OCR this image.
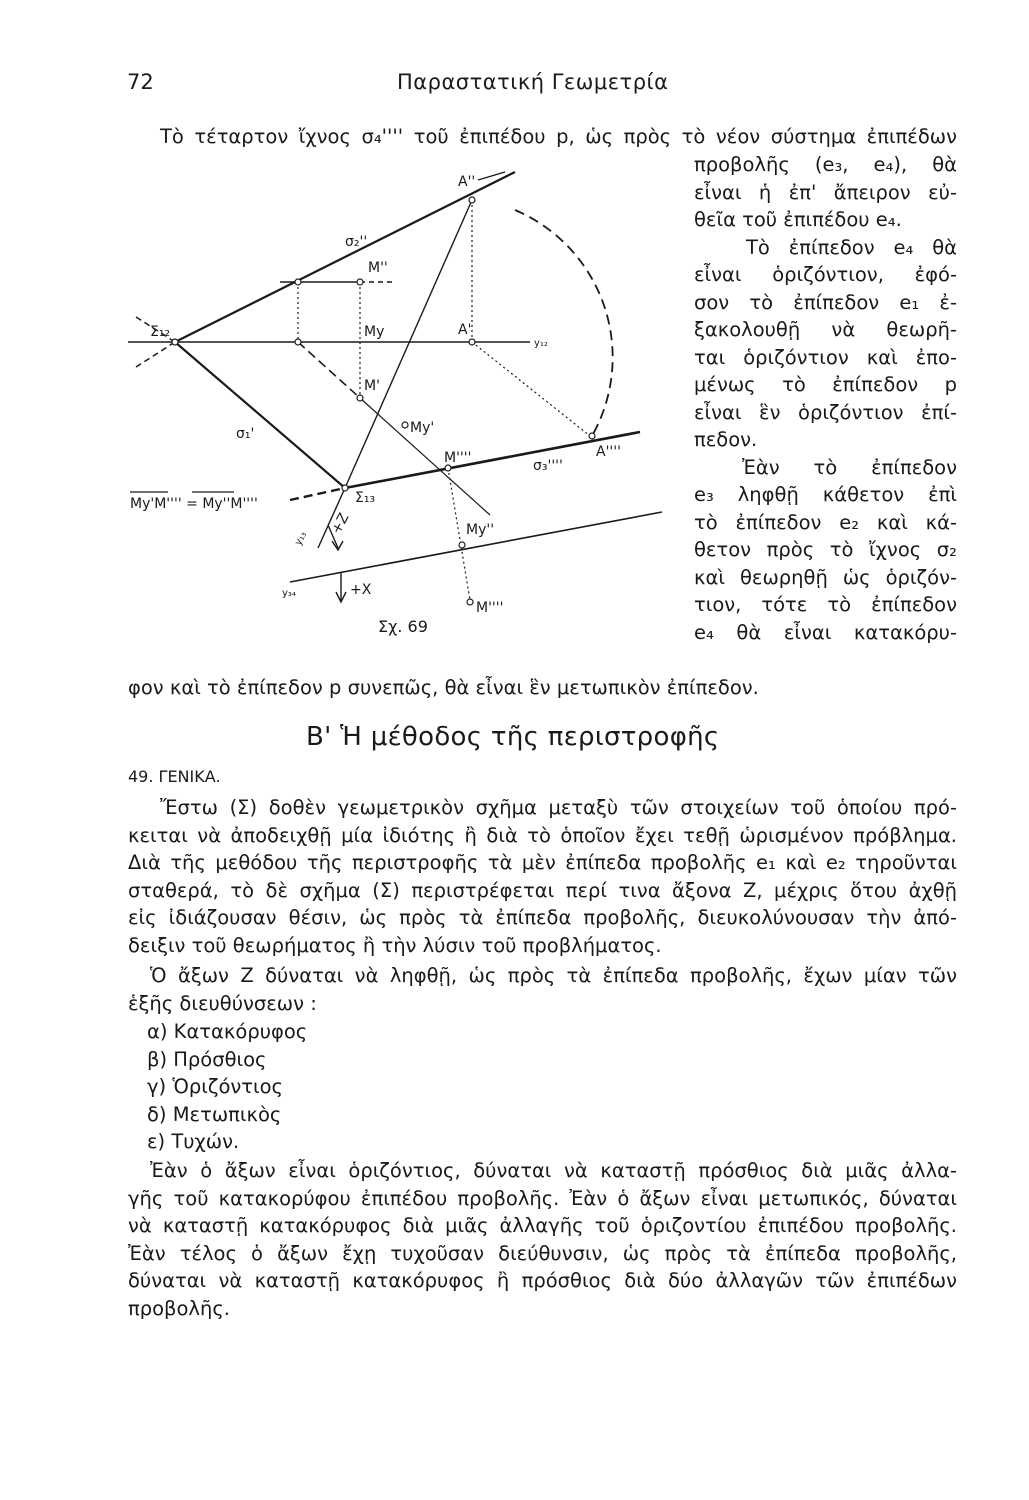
72	Παραστατική Γεωμετρία
Τὸ τέταρτον ἴχνος σ₄'''' τοῦ ἐπιπέδου p, ὡς πρὸς τὸ νέον σύστημα ἐπιπέδων
προβολῆς (e₃, e₄), θὰ
εἶναι ἡ ἐπ' ἄπειρον εὐ-
θεῖα τοῦ ἐπιπέδου e₄.
Τὸ ἐπίπεδον e₄ θὰ
εἶναι ὁριζόντιον, ἐφό-
σον τὸ ἐπίπεδον e₁ ἐ-
ξακολουθῇ νὰ θεωρῆ-
ται ὁριζόντιον καὶ ἐπο-
μένως τὸ ἐπίπεδον p
εἶναι ἓν ὁριζόντιον ἐπί-
πεδον.
Ἐὰν τὸ ἐπίπεδον
e₃ ληφθῇ κάθετον ἐπὶ
τὸ ἐπίπεδον e₂ καὶ κά-
θετον πρὸς τὸ ἴχνος σ₂
καὶ θεωρηθῇ ὡς ὁριζόν-
τιον, τότε τὸ ἐπίπεδον
e₄ θὰ εἶναι κατακόρυ-
A''
A'
A''''
σ₂''
σ₁'
σ₃''''
M''
My
M'
My'
M''''
My''
M''''
Σ₁₂
Σ₁₃
y₁₂
y₁₃
y₃₄
+Z
+X
My'M'''' = My''M''''
Σχ. 69
φον καὶ τὸ ἐπίπεδον p συνεπῶς, θὰ εἶναι ἓν μετωπικὸν ἐπίπεδον.
B' Ἡ μέθοδος τῆς περιστροφῆς
49. ΓΕΝΙΚΑ.
Ἔστω (Σ) δοθὲν γεωμετρικὸν σχῆμα μεταξὺ τῶν στοιχείων τοῦ ὁποίου πρό-
κειται νὰ ἀποδειχθῇ μία ἰδιότης ἢ διὰ τὸ ὁποῖον ἔχει τεθῇ ὡρισμένον πρόβλημα.
Διὰ τῆς μεθόδου τῆς περιστροφῆς τὰ μὲν ἐπίπεδα προβολῆς e₁ καὶ e₂ τηροῦνται
σταθερά, τὸ δὲ σχῆμα (Σ) περιστρέφεται περί τινα ἄξονα Z, μέχρις ὅτου ἀχθῇ
εἰς ἰδιάζουσαν θέσιν, ὡς πρὸς τὰ ἐπίπεδα προβολῆς, διευκολύνουσαν τὴν ἀπό-
δειξιν τοῦ θεωρήματος ἢ τὴν λύσιν τοῦ προβλήματος.
Ὁ ἄξων Z δύναται νὰ ληφθῇ, ὡς πρὸς τὰ ἐπίπεδα προβολῆς, ἔχων μίαν τῶν
ἑξῆς διευθύνσεων :
α) Κατακόρυφος
β) Πρόσθιος
γ) Ὁριζόντιος
δ) Μετωπικὸς
ε) Τυχών.
Ἐὰν ὁ ἄξων εἶναι ὁριζόντιος, δύναται νὰ καταστῇ πρόσθιος διὰ μιᾶς ἀλλα-
γῆς τοῦ κατακορύφου ἐπιπέδου προβολῆς. Ἐὰν ὁ ἄξων εἶναι μετωπικός, δύναται
νὰ καταστῇ κατακόρυφος διὰ μιᾶς ἀλλαγῆς τοῦ ὁριζοντίου ἐπιπέδου προβολῆς.
Ἐὰν τέλος ὁ ἄξων ἔχῃ τυχοῦσαν διεύθυνσιν, ὡς πρὸς τὰ ἐπίπεδα προβολῆς,
δύναται νὰ καταστῇ κατακόρυφος ἢ πρόσθιος διὰ δύο ἀλλαγῶν τῶν ἐπιπέδων
προβολῆς.
